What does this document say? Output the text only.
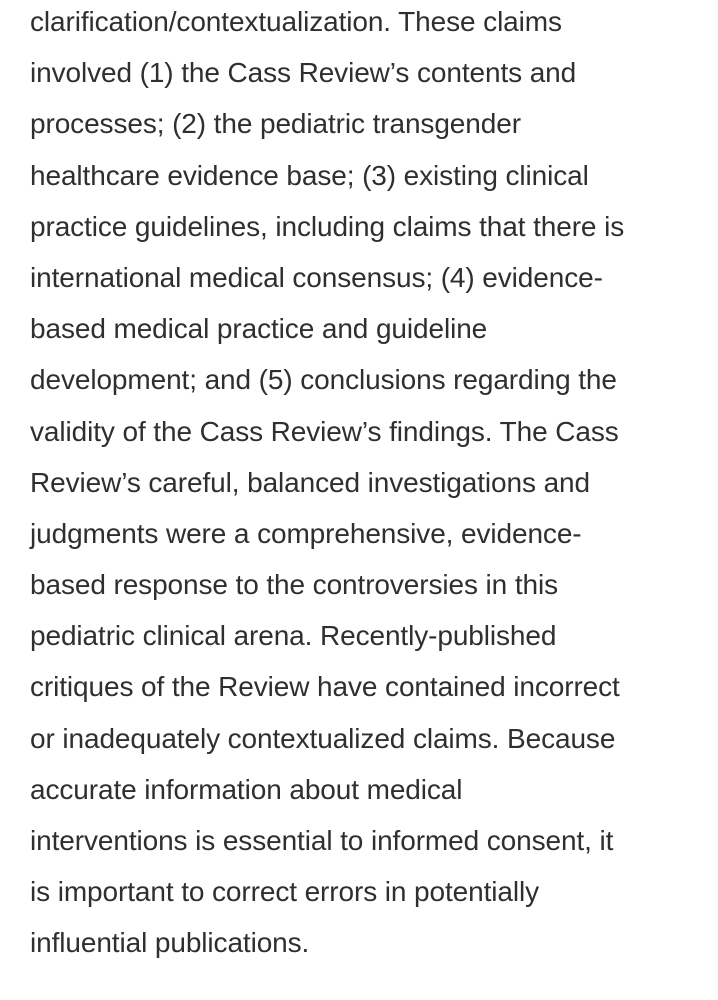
clarification/contextualization. These claims
involved (1) the Cass Review’s contents and
processes; (2) the pediatric transgender
healthcare evidence base; (3) existing clinical
practice guidelines, including claims that there is
international medical consensus; (4) evidence-
based medical practice and guideline
development; and (5) conclusions regarding the
validity of the Cass Review’s findings. The Cass
Review’s careful, balanced investigations and
judgments were a comprehensive, evidence-
based response to the controversies in this
pediatric clinical arena. Recently-published
critiques of the Review have contained incorrect
or inadequately contextualized claims. Because
accurate information about medical
interventions is essential to informed consent, it
is important to correct errors in potentially
influential publications.
